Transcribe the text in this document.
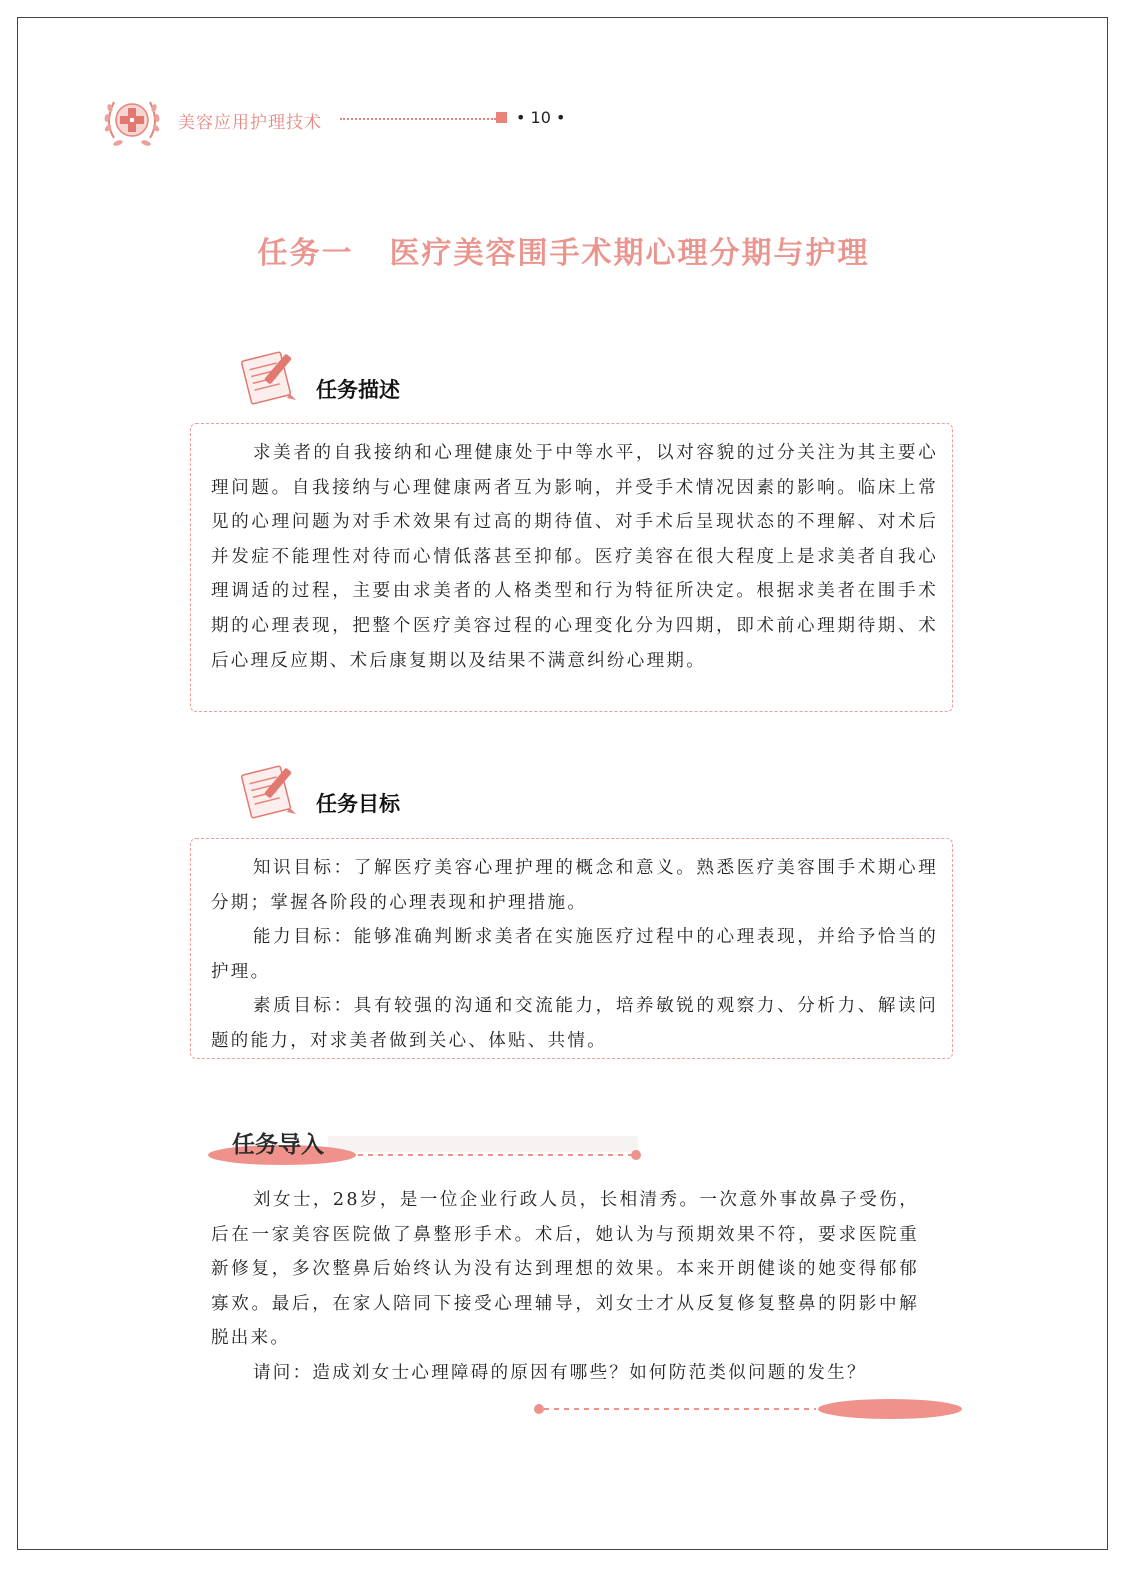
美容应用护理技术	• 10 •
任务一 医疗美容围手术期心理分期与护理
任务描述

求美者的自我接纳和心理健康处于中等水平，以对容貌的过分关注为其主要心理问题。自我接纳与心理健康两者互为影响，并受手术情况因素的影响。临床上常见的心理问题为对手术效果有过高的期待值、对手术后呈现状态的不理解、对术后并发症不能理性对待而心情低落甚至抑郁。医疗美容在很大程度上是求美者自我心理调适的过程，主要由求美者的人格类型和行为特征所决定。根据求美者在围手术期的心理表现，把整个医疗美容过程的心理变化分为四期，即术前心理期待期、术后心理反应期、术后康复期以及结果不满意纠纷心理期。

任务目标

知识目标：了解医疗美容心理护理的概念和意义。熟悉医疗美容围手术期心理分期；掌握各阶段的心理表现和护理措施。

能力目标：能够准确判断求美者在实施医疗过程中的心理表现，并给予恰当的护理。

素质目标：具有较强的沟通和交流能力，培养敏锐的观察力、分析力、解读问题的能力，对求美者做到关心、体贴、共情。

任务导入

刘女士，28岁，是一位企业行政人员，长相清秀。一次意外事故鼻子受伤，后在一家美容医院做了鼻整形手术。术后，她认为与预期效果不符，要求医院重新修复，多次整鼻后始终认为没有达到理想的效果。本来开朗健谈的她变得郁郁寡欢。最后，在家人陪同下接受心理辅导，刘女士才从反复修复整鼻的阴影中解脱出来。

请问：造成刘女士心理障碍的原因有哪些？如何防范类似问题的发生？
